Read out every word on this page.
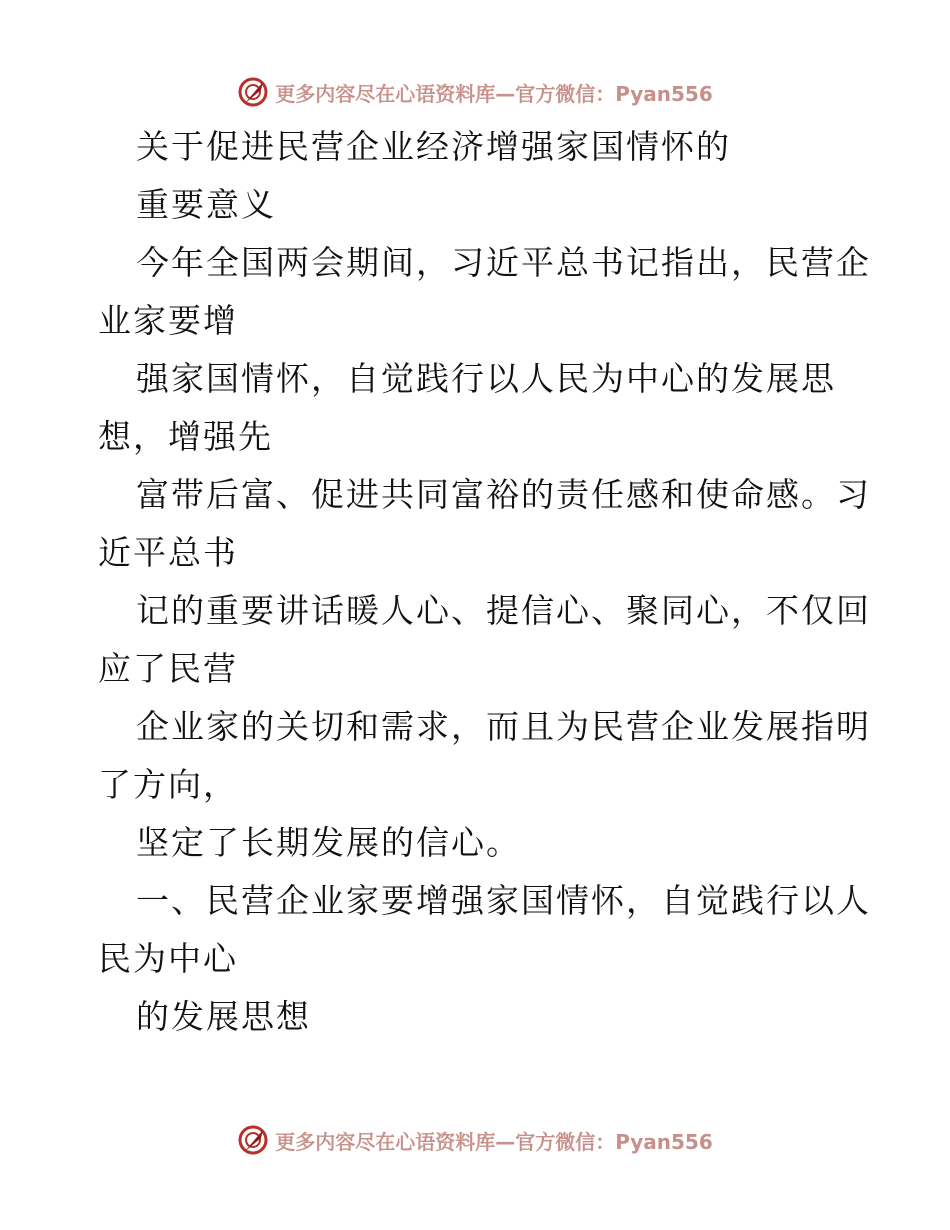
更多内容尽在心语资料库—官方微信：Pyan556
关于促进民营企业经济增强家国情怀的
重要意义
今年全国两会期间，习近平总书记指出，民营企
业家要增
强家国情怀，自觉践行以人民为中心的发展思
想，增强先
富带后富、促进共同富裕的责任感和使命感。习
近平总书
记的重要讲话暖人心、提信心、聚同心，不仅回
应了民营
企业家的关切和需求，而且为民营企业发展指明
了方向，
坚定了长期发展的信心。
一、民营企业家要增强家国情怀，自觉践行以人
民为中心
的发展思想
更多内容尽在心语资料库—官方微信：Pyan556
